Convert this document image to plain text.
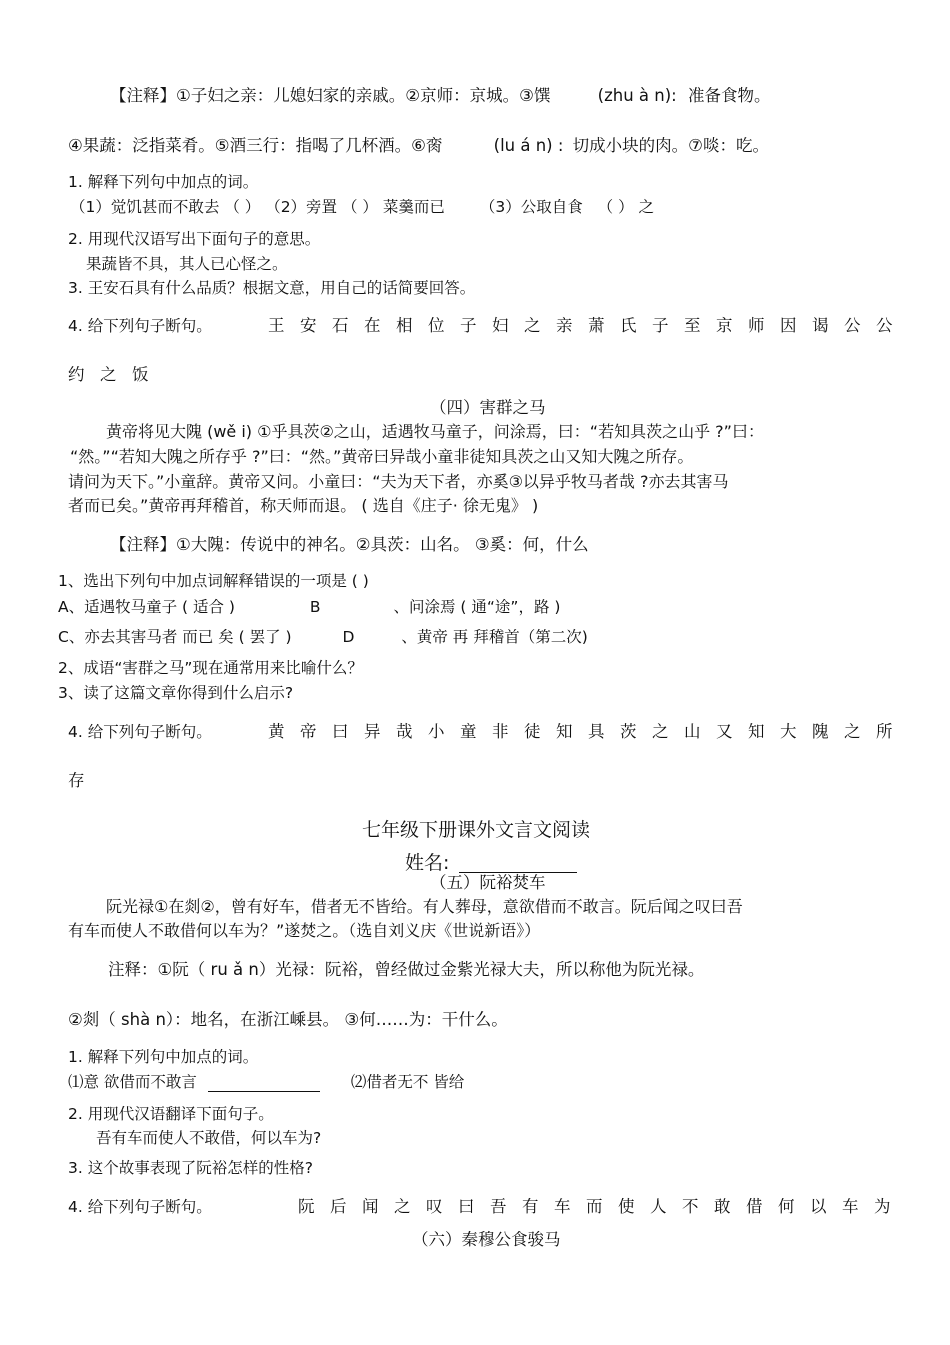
【注释】①子妇之亲：儿媳妇家的亲戚。②京师：京城。③馔	(zhu à n): 准备食物。
④果蔬：泛指菜肴。⑤酒三行：指喝了几杯酒。⑥脔	(lu á n) : 切成小块的肉。⑦啖：吃。
1. 解释下列句中加点的词。
（1）觉饥甚而不敢去 （ ） （2）旁置 （ ） 菜羹而已 （3）公取自食 （ ） 之
2. 用现代汉语写出下面句子的意思。
果蔬皆不具，其人已心怪之。
3. 王安石具有什么品质？根据文意，用自己的话简要回答。
4. 给下列句子断句。	王安石在相位子妇之亲萧氏子至京师因谒公公
约之饭
（四）害群之马
黄帝将见大隗 (wě i) ①乎具茨②之山，适遇牧马童子，问涂焉，曰：“若知具茨之山乎 ?”曰：
“然。”“若知大隗之所存乎 ?”曰：“然。”黄帝曰异哉小童非徒知具茨之山又知大隗之所存。
请问为天下。”小童辞。黄帝又问。小童曰：“夫为天下者，亦奚③以异乎牧马者哉 ?亦去其害马
者而已矣。”黄帝再拜稽首，称天师而退。 ( 选自《庄子· 徐无鬼》 )
【注释】①大隗：传说中的神名。②具茨：山名。 ③奚：何，什么
1、选出下列句中加点词解释错误的一项是 ( )
A、适遇牧马童子 ( 适合 )	B	、问涂焉 ( 通“途”，路 )
C、亦去其害马者 而已 矣 ( 罢了 )	D	、黄帝 再 拜稽首（第二次)
2、成语“害群之马”现在通常用来比喻什么？
3、读了这篇文章你得到什么启示?
4. 给下列句子断句。	黄帝曰异哉小童非徒知具茨之山又知大隗之所
存
七年级下册课外文言文阅读
姓名:
（五）阮裕焚车
阮光禄①在剡②，曾有好车，借者无不皆给。有人葬母，意欲借而不敢言。阮后闻之叹曰吾
有车而使人不敢借何以车为？”遂焚之。（选自刘义庆《世说新语》）
注释：①阮（ ru ǎ n）光禄：阮裕，曾经做过金紫光禄大夫，所以称他为阮光禄。
②剡（ shà n）：地名，在浙江嵊县。 ③何……为：干什么。
1. 解释下列句中加点的词。
⑴意 欲借而不敢言	⑵借者无不 皆给
2. 用现代汉语翻译下面句子。
吾有车而使人不敢借，何以车为?
3. 这个故事表现了阮裕怎样的性格?
4. 给下列句子断句。	阮后闻之叹曰吾有车而使人不敢借何以车为
（六）秦穆公食骏马
